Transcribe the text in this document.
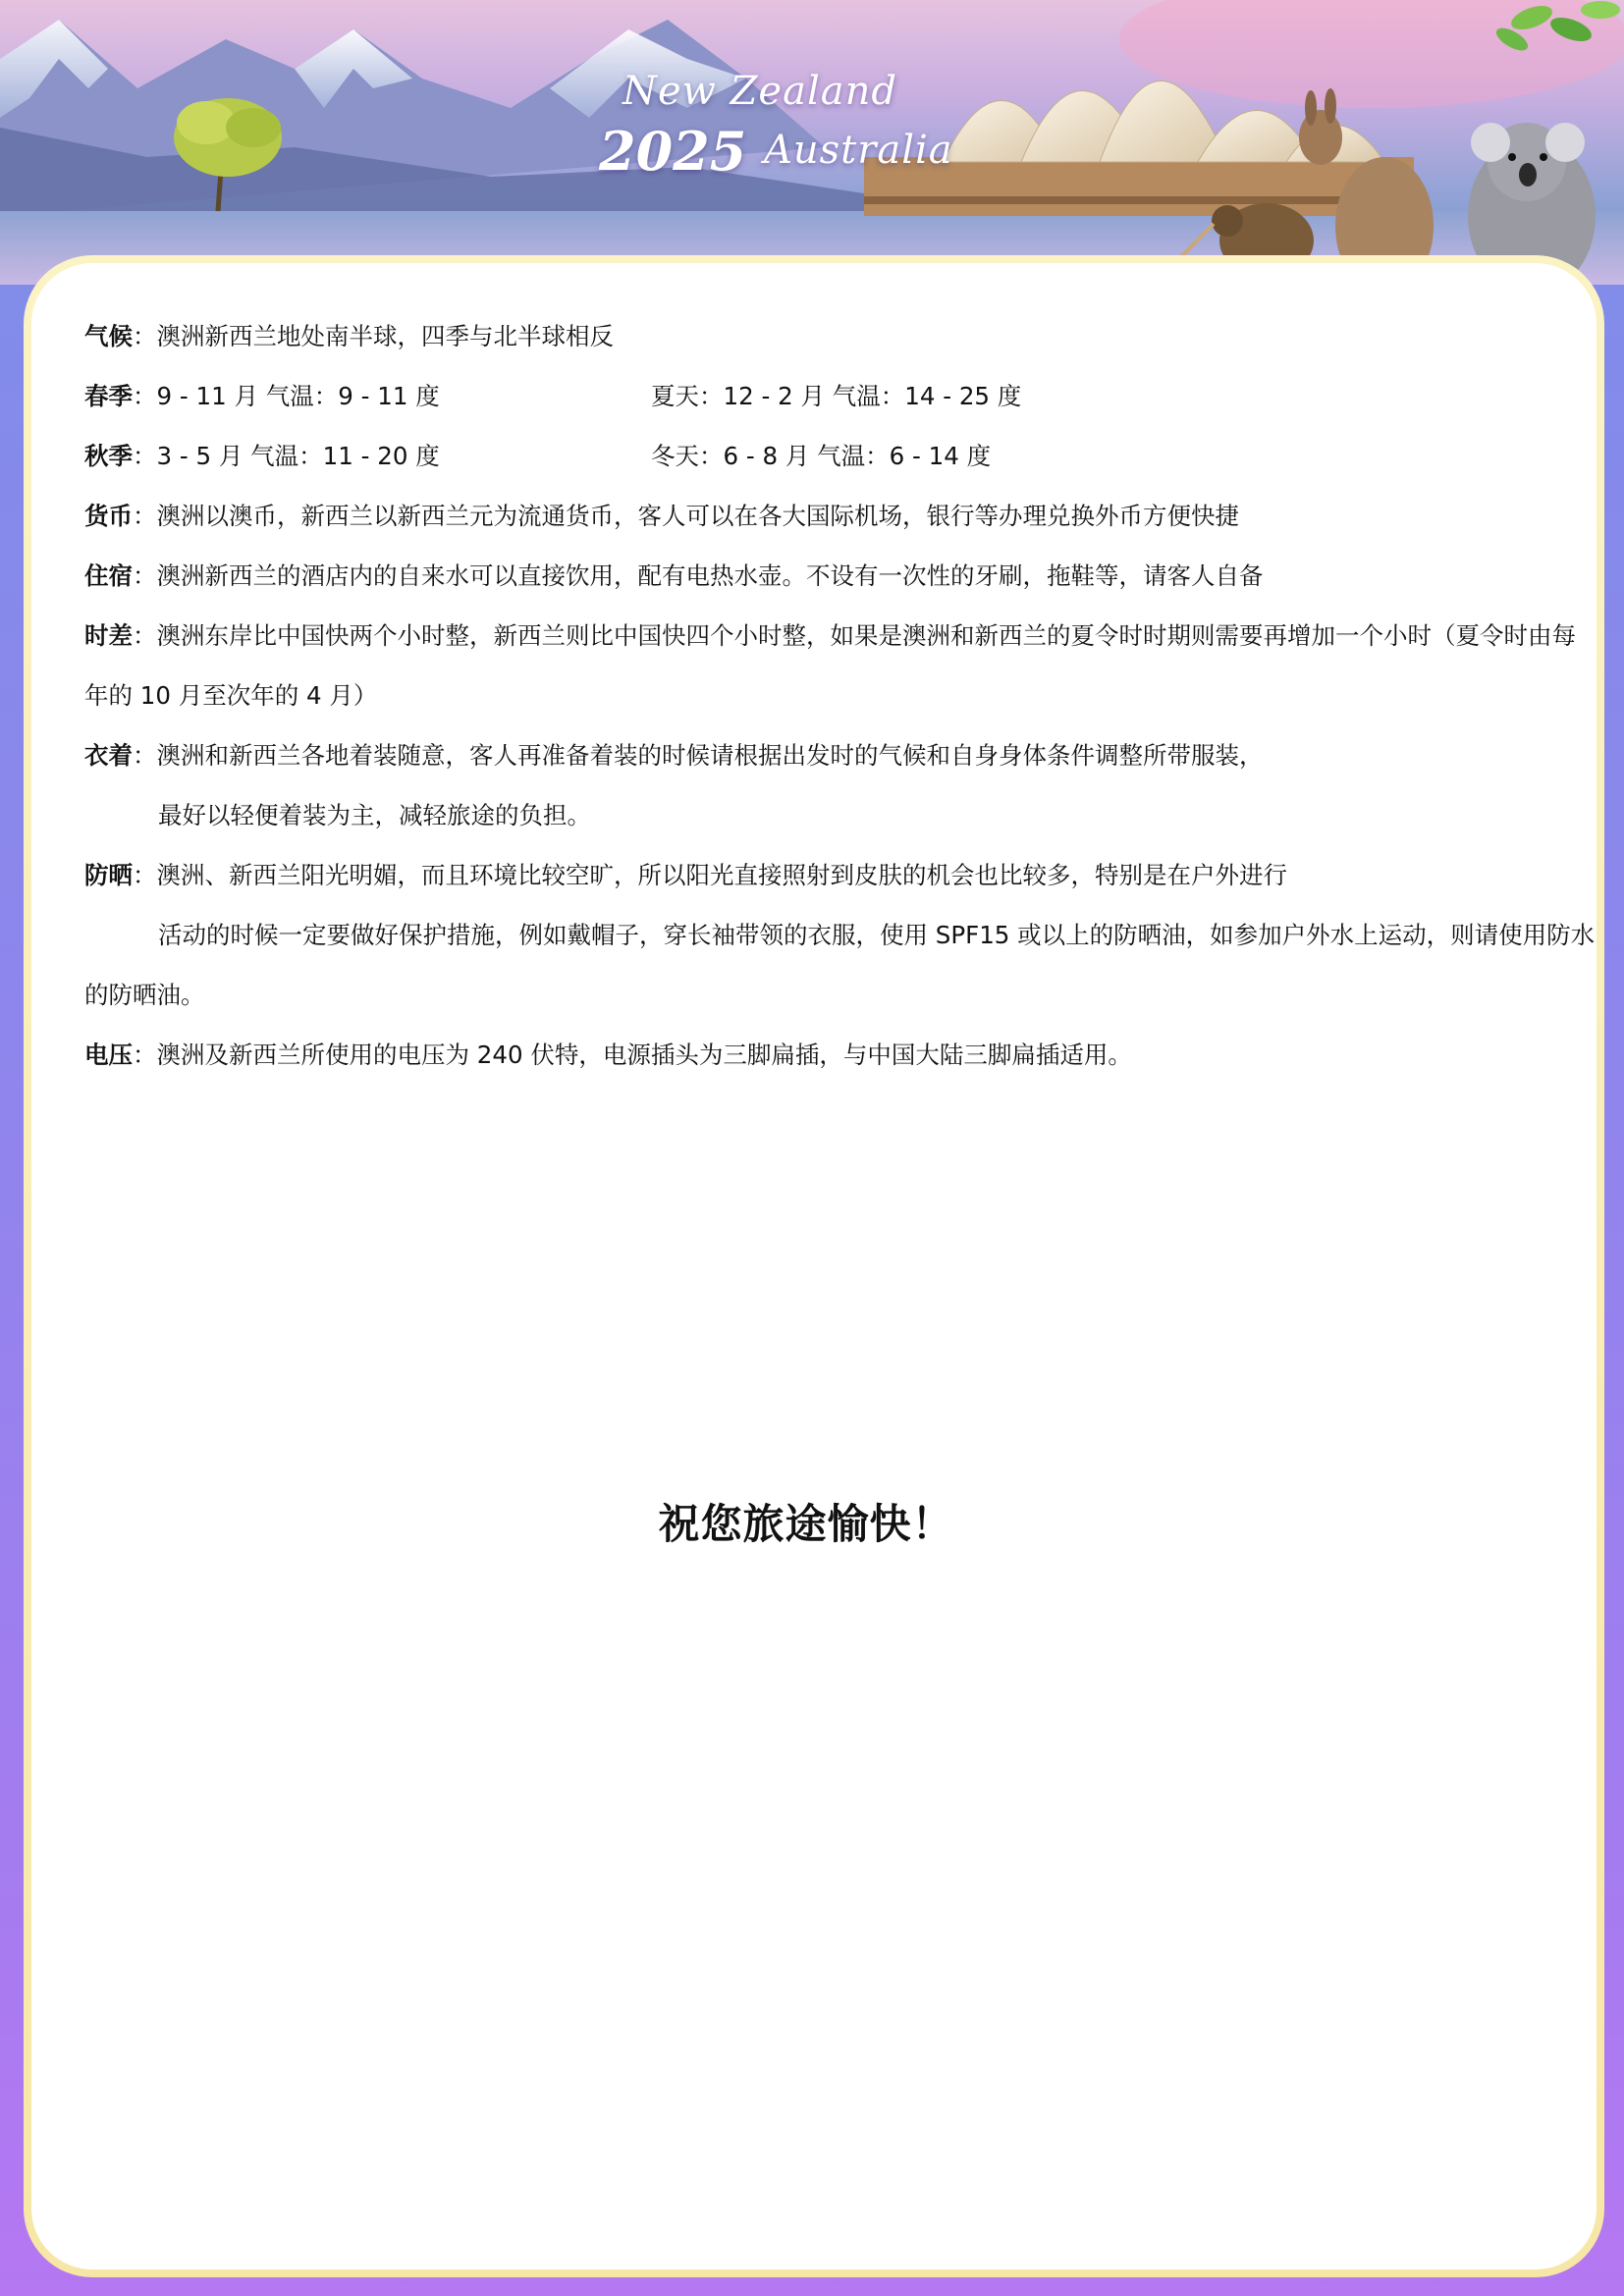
New Zealand
2025 Australia
气候：澳洲新西兰地处南半球，四季与北半球相反
春季：9 - 11 月 气温：9 - 11 度	夏天：12 - 2 月 气温：14 - 25 度
秋季：3 - 5 月 气温：11 - 20 度	冬天：6 - 8 月 气温：6 - 14 度
货币：澳洲以澳币，新西兰以新西兰元为流通货币，客人可以在各大国际机场，银行等办理兑换外币方便快捷
住宿：澳洲新西兰的酒店内的自来水可以直接饮用，配有电热水壶。不设有一次性的牙刷，拖鞋等，请客人自备
时差：澳洲东岸比中国快两个小时整，新西兰则比中国快四个小时整，如果是澳洲和新西兰的夏令时时期则需要再增加一个小时（夏令时由每
年的 10 月至次年的 4 月）
衣着：澳洲和新西兰各地着装随意，客人再准备着装的时候请根据出发时的气候和自身身体条件调整所带服装，
最好以轻便着装为主，减轻旅途的负担。
防晒：澳洲、新西兰阳光明媚，而且环境比较空旷，所以阳光直接照射到皮肤的机会也比较多，特别是在户外进行
活动的时候一定要做好保护措施，例如戴帽子，穿长袖带领的衣服，使用 SPF15 或以上的防晒油，如参加户外水上运动，则请使用防水
的防晒油。
电压：澳洲及新西兰所使用的电压为 240 伏特，电源插头为三脚扁插，与中国大陆三脚扁插适用。
祝您旅途愉快！
